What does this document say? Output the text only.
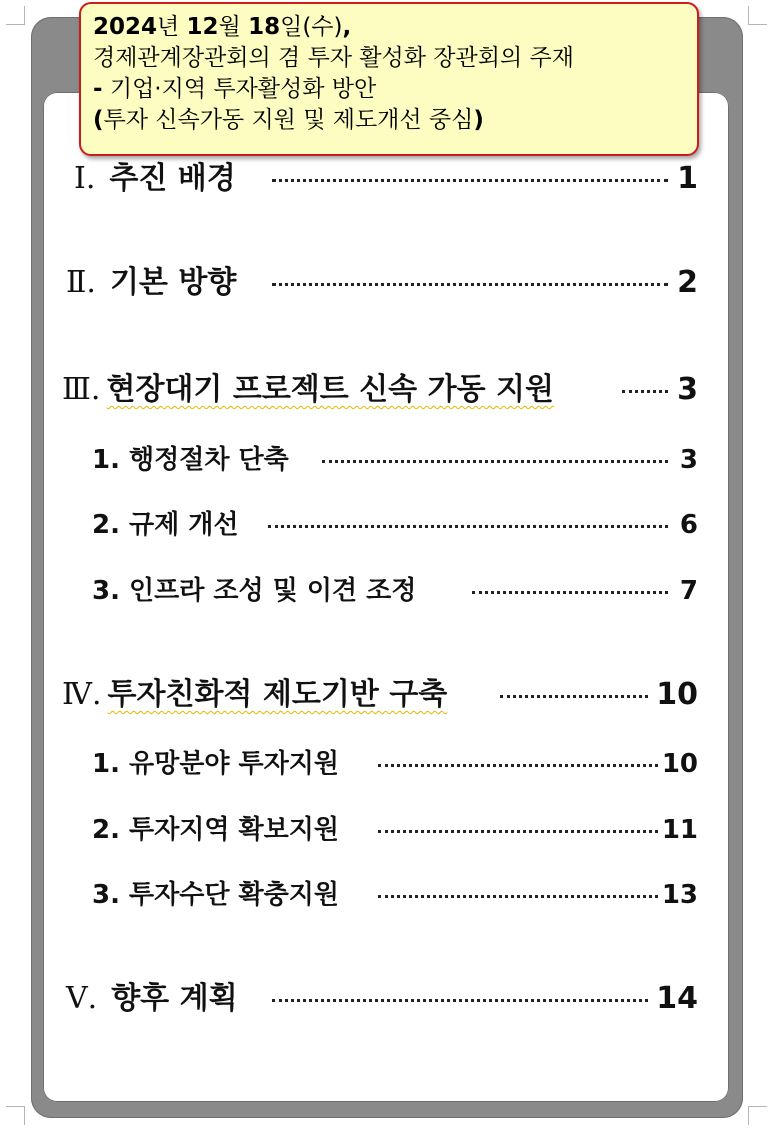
Ⅰ. 추진 배경	1
Ⅱ. 기본 방향	2
Ⅲ. 현장대기 프로젝트 신속 가동 지원	3
1. 행정절차 단축	3
2. 규제 개선	6
3. 인프라 조성 및 이견 조정	7
Ⅳ. 투자친화적 제도기반 구축	10
1. 유망분야 투자지원	10
2. 투자지역 확보지원	11
3. 투자수단 확충지원	13
Ⅴ. 향후 계획	14
2024년 12월 18일(수),
경제관계장관회의 겸 투자 활성화 장관회의 주재
- 기업·지역 투자활성화 방안
(투자 신속가동 지원 및 제도개선 중심)
